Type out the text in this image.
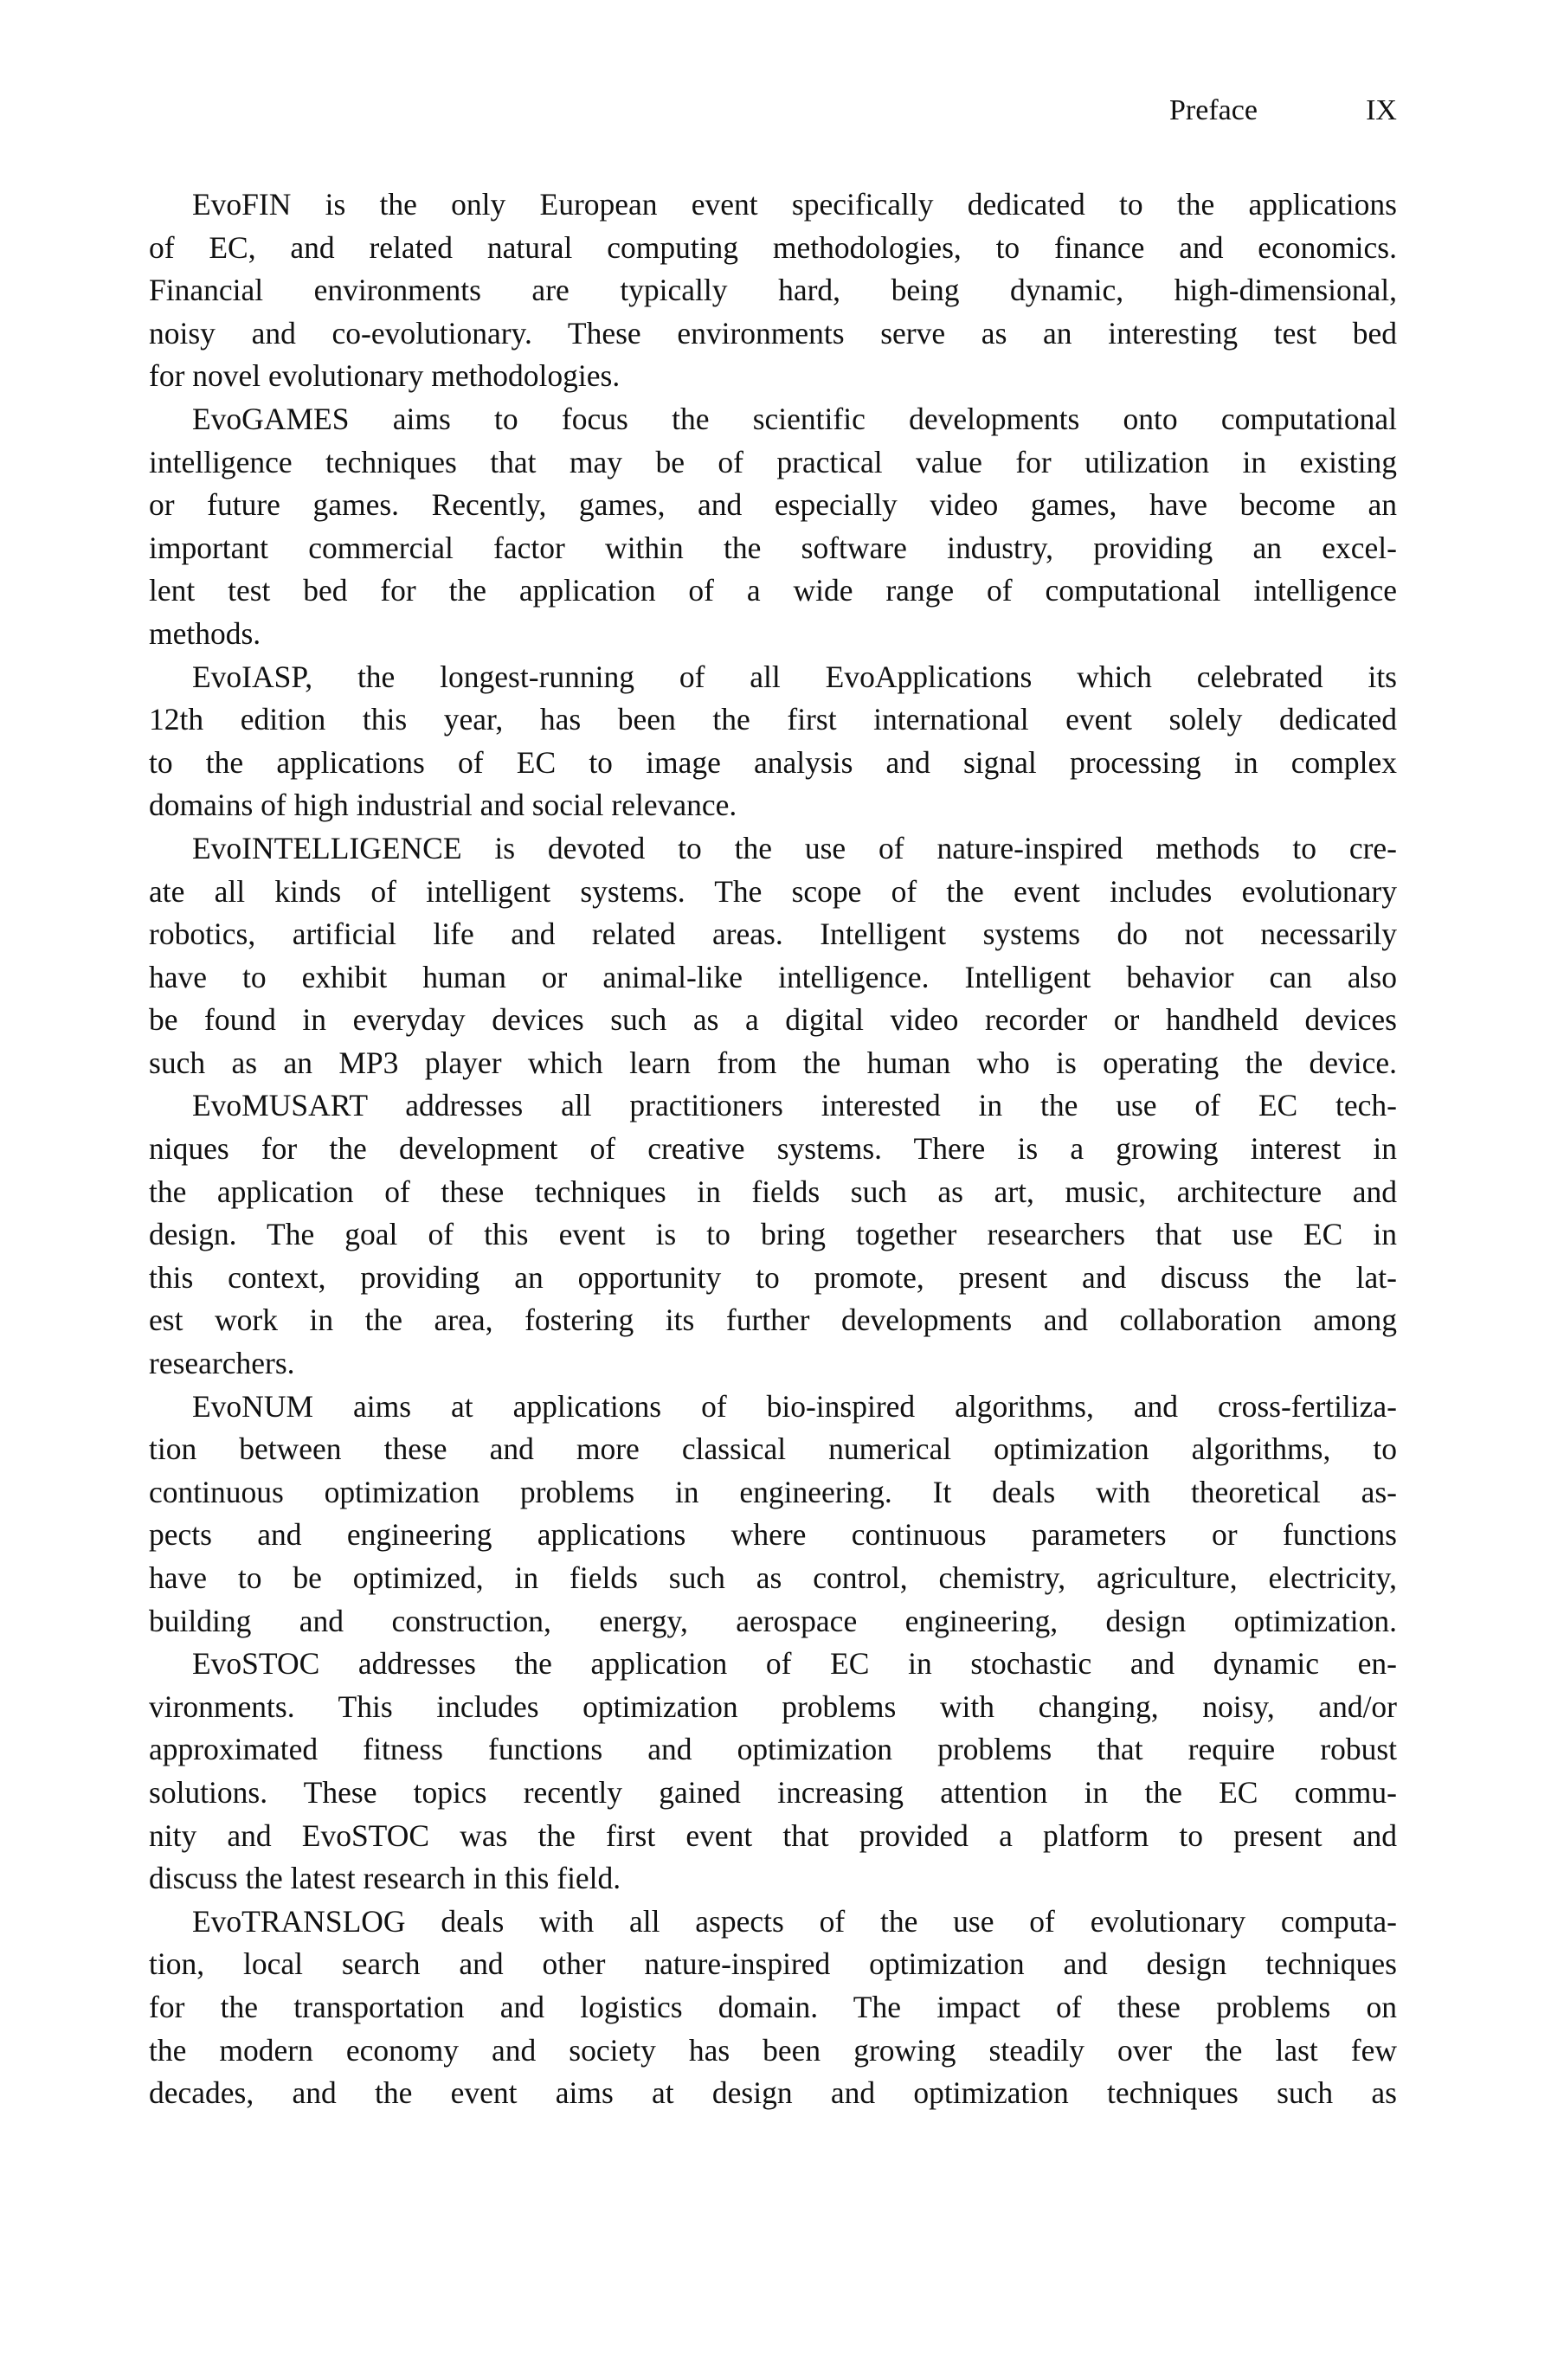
Preface	IX
EvoFIN is the only European event specifically dedicated to the applications
of EC, and related natural computing methodologies, to finance and economics.
Financial environments are typically hard, being dynamic, high-dimensional,
noisy and co-evolutionary. These environments serve as an interesting test bed
for novel evolutionary methodologies.
EvoGAMES aims to focus the scientific developments onto computational
intelligence techniques that may be of practical value for utilization in existing
or future games. Recently, games, and especially video games, have become an
important commercial factor within the software industry, providing an excel-
lent test bed for the application of a wide range of computational intelligence
methods.
EvoIASP, the longest-running of all EvoApplications which celebrated its
12th edition this year, has been the first international event solely dedicated
to the applications of EC to image analysis and signal processing in complex
domains of high industrial and social relevance.
EvoINTELLIGENCE is devoted to the use of nature-inspired methods to cre-
ate all kinds of intelligent systems. The scope of the event includes evolutionary
robotics, artificial life and related areas. Intelligent systems do not necessarily
have to exhibit human or animal-like intelligence. Intelligent behavior can also
be found in everyday devices such as a digital video recorder or handheld devices
such as an MP3 player which learn from the human who is operating the device.
EvoMUSART addresses all practitioners interested in the use of EC tech-
niques for the development of creative systems. There is a growing interest in
the application of these techniques in fields such as art, music, architecture and
design. The goal of this event is to bring together researchers that use EC in
this context, providing an opportunity to promote, present and discuss the lat-
est work in the area, fostering its further developments and collaboration among
researchers.
EvoNUM aims at applications of bio-inspired algorithms, and cross-fertiliza-
tion between these and more classical numerical optimization algorithms, to
continuous optimization problems in engineering. It deals with theoretical as-
pects and engineering applications where continuous parameters or functions
have to be optimized, in fields such as control, chemistry, agriculture, electricity,
building and construction, energy, aerospace engineering, design optimization.
EvoSTOC addresses the application of EC in stochastic and dynamic en-
vironments. This includes optimization problems with changing, noisy, and/or
approximated fitness functions and optimization problems that require robust
solutions. These topics recently gained increasing attention in the EC commu-
nity and EvoSTOC was the first event that provided a platform to present and
discuss the latest research in this field.
EvoTRANSLOG deals with all aspects of the use of evolutionary computa-
tion, local search and other nature-inspired optimization and design techniques
for the transportation and logistics domain. The impact of these problems on
the modern economy and society has been growing steadily over the last few
decades, and the event aims at design and optimization techniques such as
